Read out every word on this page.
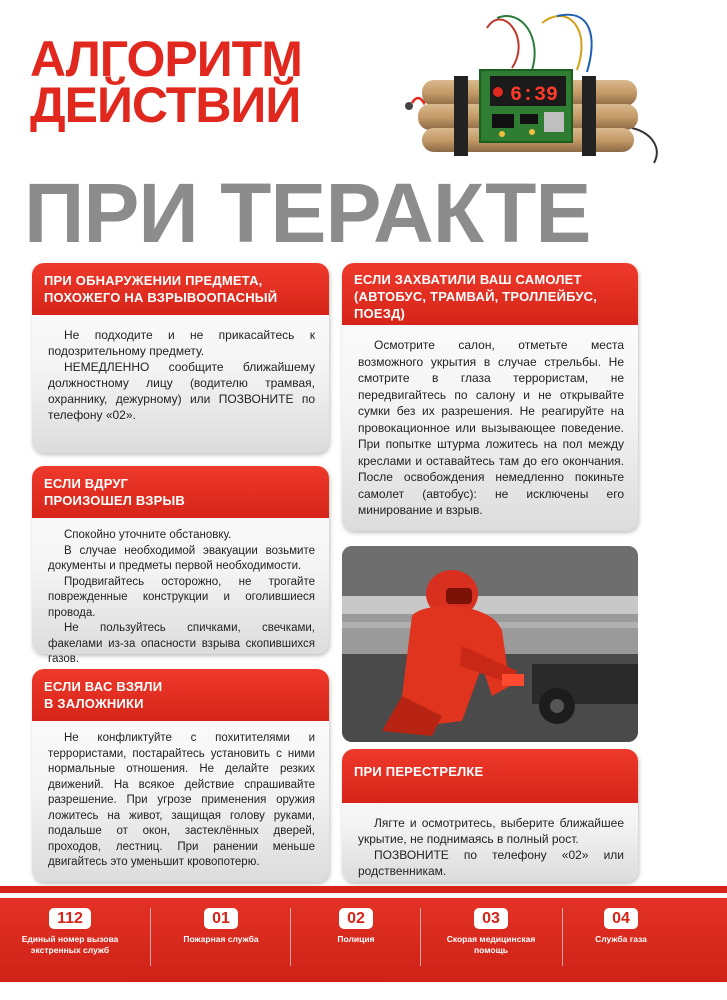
АЛГОРИТМ
ДЕЙСТВИЙ
ПРИ ТЕРАКТЕ
6:39
ПРИ ОБНАРУЖЕНИИ ПРЕДМЕТА,
ПОХОЖЕГО НА ВЗРЫВООПАСНЫЙ

Не подходите и не прикасайтесь к подозрительному предмету.

НЕМЕДЛЕННО сообщите ближайшему должностному лицу (водителю трамвая, охраннику, дежурному) или ПОЗВОНИТЕ по телефону «02».

ЕСЛИ ВДРУГ
ПРОИЗОШЕЛ ВЗРЫВ

Спокойно уточните обстановку.

В случае необходимой эвакуации возьмите документы и предметы первой необходимости.

Продвигайтесь осторожно, не трогайте поврежденные конструкции и оголившиеся провода.

Не пользуйтесь спичками, свечками, факелами из-за опасности взрыва скопившихся газов.

ЕСЛИ ВАС ВЗЯЛИ
В ЗАЛОЖНИКИ

Не конфликтуйте с похитителями и террористами, постарайтесь установить с ними нормальные отношения. Не делайте резких движений. На всякое действие спрашивайте разрешение. При угрозе применения оружия ложитесь на живот, защищая голову руками, подальше от окон, застеклённых дверей, проходов, лестниц. При ранении меньше двигайтесь это уменьшит кровопотерю.

ЕСЛИ ЗАХВАТИЛИ ВАШ САМОЛЕТ
(АВТОБУС, ТРАМВАЙ, ТРОЛЛЕЙБУС,
ПОЕЗД)

Осмотрите салон, отметьте места возможного укрытия в случае стрельбы. Не смотрите в глаза террористам, не передвигайтесь по салону и не открывайте сумки без их разрешения. Не реагируйте на провокационное или вызывающее поведение. При попытке штурма ложитесь на пол между креслами и оставайтесь там до его окончания. После освобождения немедленно покиньте самолет (автобус): не исключены его минирование и взрыв.

ПРИ ПЕРЕСТРЕЛКЕ

Лягте и осмотритесь, выберите ближайшее укрытие, не поднимаясь в полный рост.

ПОЗВОНИТЕ по телефону «02» или родственникам.

112
Единый номер вызова
экстренных служб
01
Пожарная служба
02
Полиция
03
Скорая медицинская
помощь
04
Служба газа
